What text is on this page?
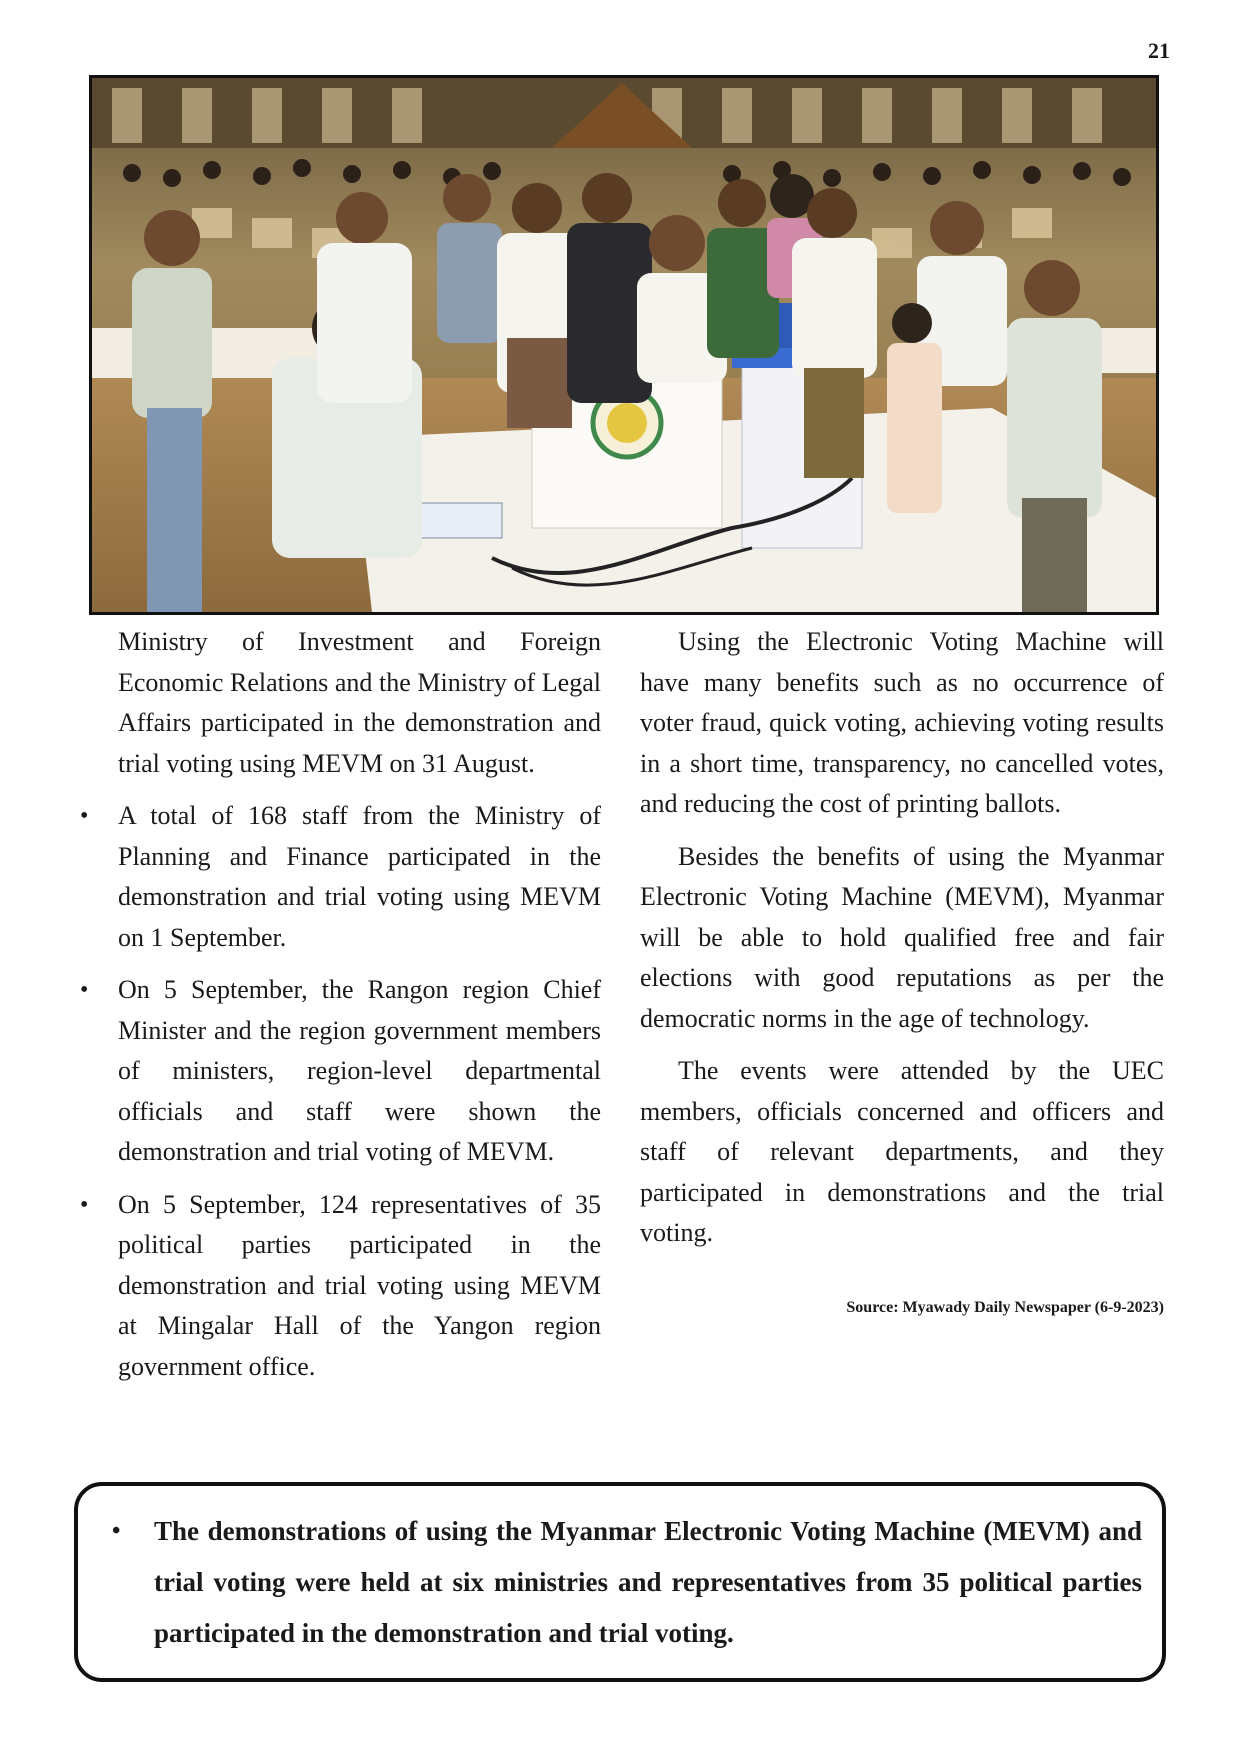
21

Ministry of Investment and Foreign Economic Relations and the Ministry of Legal Affairs participated in the demonstration and trial voting using MEVM on 31 August.

• A total of 168 staff from the Ministry of Planning and Finance participated in the demonstration and trial voting using MEVM on 1 September.
• On 5 September, the Rangon region Chief Minister and the region government members of ministers, region-level departmental officials and staff were shown the demonstration and trial voting of MEVM.
• On 5 September, 124 representatives of 35 political parties participated in the demonstration and trial voting using MEVM at Mingalar Hall of the Yangon region government office.

Using the Electronic Voting Machine will have many benefits such as no occurrence of voter fraud, quick voting, achieving voting results in a short time, transparency, no cancelled votes, and reducing the cost of printing ballots.

Besides the benefits of using the Myanmar Electronic Voting Machine (MEVM), Myanmar will be able to hold qualified free and fair elections with good reputations as per the democratic norms in the age of technology.

The events were attended by the UEC members, officials concerned and officers and staff of relevant departments, and they participated in demonstrations and the trial voting.

Source: Myawady Daily Newspaper (6-9-2023)

• The demonstrations of using the Myanmar Electronic Voting Machine (MEVM) and trial voting were held at six ministries and representatives from 35 political parties participated in the demonstration and trial voting.
